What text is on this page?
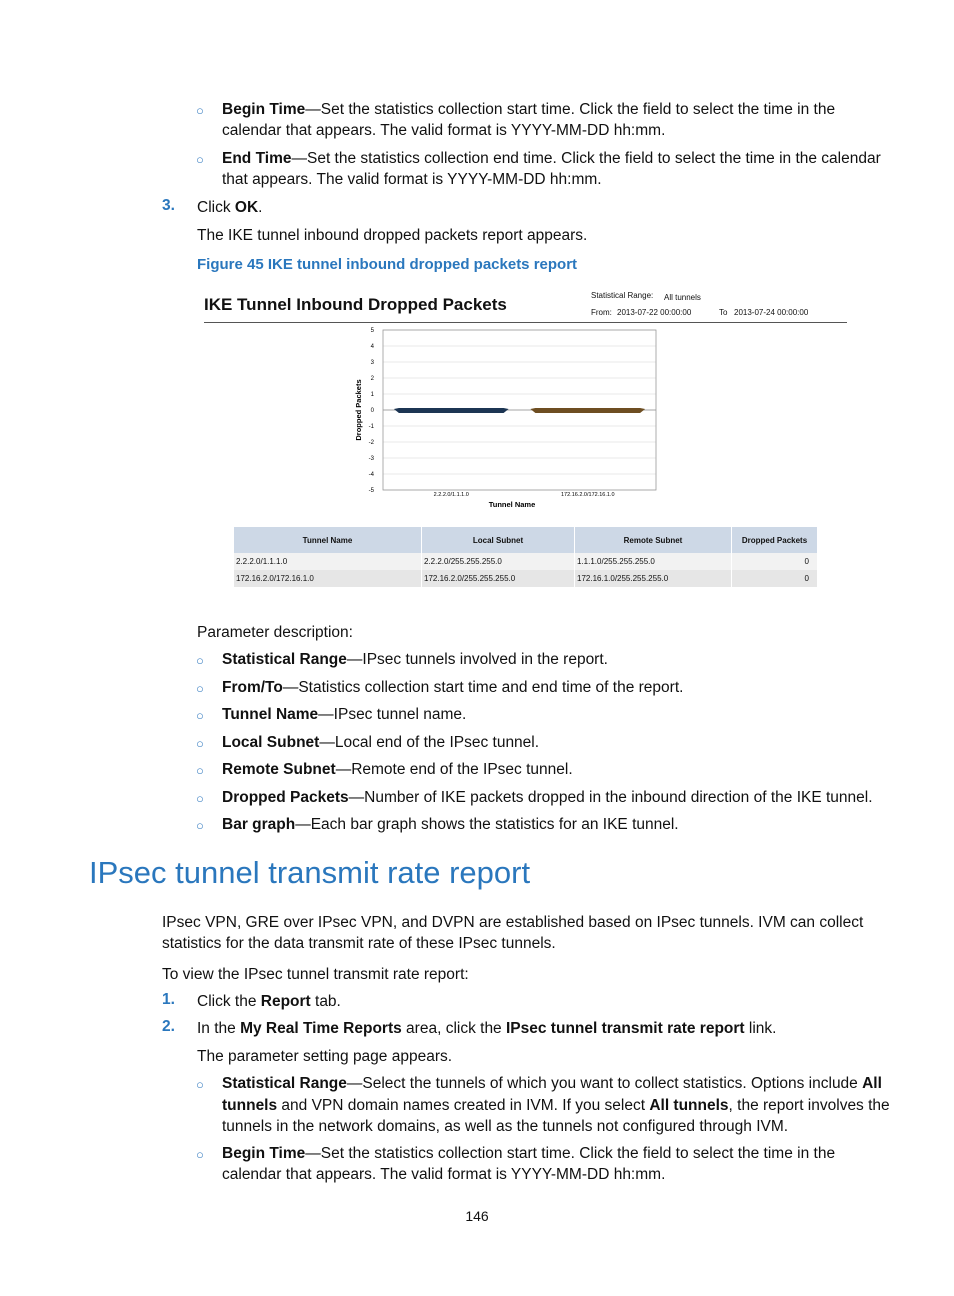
○ Begin Time—Set the statistics collection start time. Click the field to select the time in the
calendar that appears. The valid format is YYYY-MM-DD hh:mm.
○ End Time—Set the statistics collection end time. Click the field to select the time in the calendar
that appears. The valid format is YYYY-MM-DD hh:mm.
3. Click OK.
The IKE tunnel inbound dropped packets report appears.
Figure 45 IKE tunnel inbound dropped packets report
IKE Tunnel Inbound Dropped Packets	Statistical Range: All tunnels
From: 2013-07-22 00:00:00	To 2013-07-24 00:00:00
5
4
3
2
1
0
-1
-2
-3
-4
-5
2.2.2.0/1.1.1.0	172.16.2.0/172.16.1.0
Dropped Packets
Tunnel Name
Tunnel Name	Local Subnet	Remote Subnet	Dropped Packets
2.2.2.0/1.1.1.0	2.2.2.0/255.255.255.0	1.1.1.0/255.255.255.0	0
172.16.2.0/172.16.1.0	172.16.2.0/255.255.255.0	172.16.1.0/255.255.255.0	0
Parameter description:
○ Statistical Range—IPsec tunnels involved in the report.
○ From/To—Statistics collection start time and end time of the report.
○ Tunnel Name—IPsec tunnel name.
○ Local Subnet—Local end of the IPsec tunnel.
○ Remote Subnet—Remote end of the IPsec tunnel.
○ Dropped Packets—Number of IKE packets dropped in the inbound direction of the IKE tunnel.
○ Bar graph—Each bar graph shows the statistics for an IKE tunnel.
IPsec tunnel transmit rate report
IPsec VPN, GRE over IPsec VPN, and DVPN are established based on IPsec tunnels. IVM can collect
statistics for the data transmit rate of these IPsec tunnels.
To view the IPsec tunnel transmit rate report:
1. Click the Report tab.
2. In the My Real Time Reports area, click the IPsec tunnel transmit rate report link.
The parameter setting page appears.
○ Statistical Range—Select the tunnels of which you want to collect statistics. Options include All
tunnels and VPN domain names created in IVM. If you select All tunnels, the report involves the
tunnels in the network domains, as well as the tunnels not configured through IVM.
○ Begin Time—Set the statistics collection start time. Click the field to select the time in the
calendar that appears. The valid format is YYYY-MM-DD hh:mm.
146
